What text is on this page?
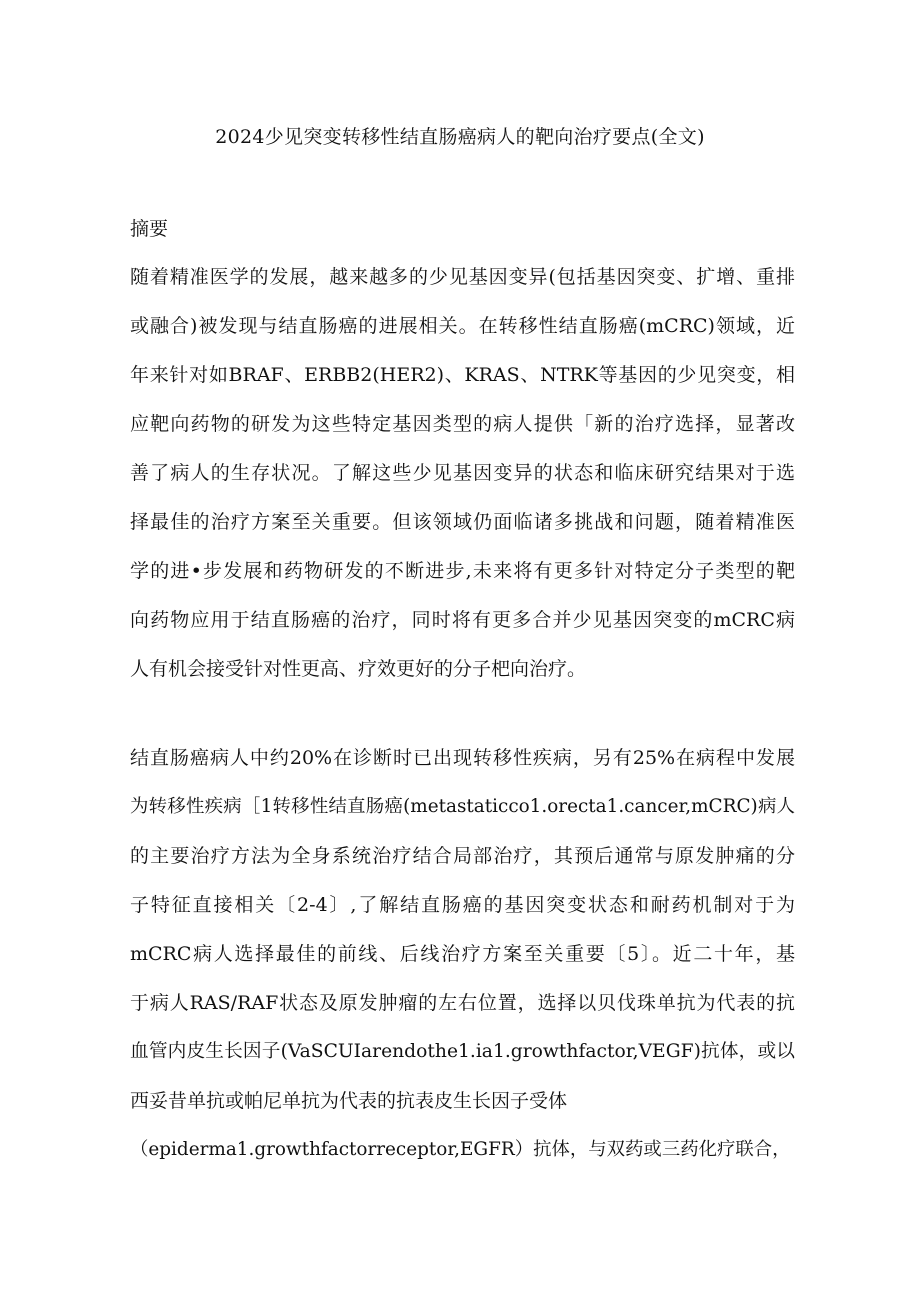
2024少见突变转移性结直肠癌病人的靶向治疗要点(全文)
摘要
随着精准医学的发展，越来越多的少见基因变异(包括基因突变、扩增、重排
或融合)被发现与结直肠癌的进展相关。在转移性结直肠癌(mCRC)领域，近
年来针对如BRAF、ERBB2(HER2)、KRAS、NTRK等基因的少见突变，相
应靶向药物的研发为这些特定基因类型的病人提供「新的治疗选择，显著改
善了病人的生存状况。了解这些少见基因变异的状态和临床研究结果对于选
择最佳的治疗方案至关重要。但该领域仍面临诸多挑战和问题，随着精准医
学的进•步发展和药物研发的不断进步,未来将有更多针对特定分子类型的靶
向药物应用于结直肠癌的治疗，同时将有更多合并少见基因突变的mCRC病
人有机会接受针对性更高、疗效更好的分子杷向治疗。
结直肠癌病人中约20%在诊断时已出现转移性疾病，另有25%在病程中发展
为转移性疾病［1转移性结直肠癌(metastaticco1.orecta1.cancer,mCRC)病人
的主要治疗方法为全身系统治疗结合局部治疗，其预后通常与原发肿痛的分
子特征直接相关〔2-4〕,了解结直肠癌的基因突变状态和耐药机制对于为
mCRC病人选择最佳的前线、后线治疗方案至关重要〔5〕。近二十年，基
于病人RAS/RAF状态及原发肿瘤的左右位置，选择以贝伐珠单抗为代表的抗
血管内皮生长因子(VaSCUIarendothe1.ia1.growthfactor,VEGF)抗体，或以
西妥昔单抗或帕尼单抗为代表的抗表皮生长因子受体
（epiderma1.growthfactorreceptor,EGFR）抗体，与双药或三药化疗联合，
